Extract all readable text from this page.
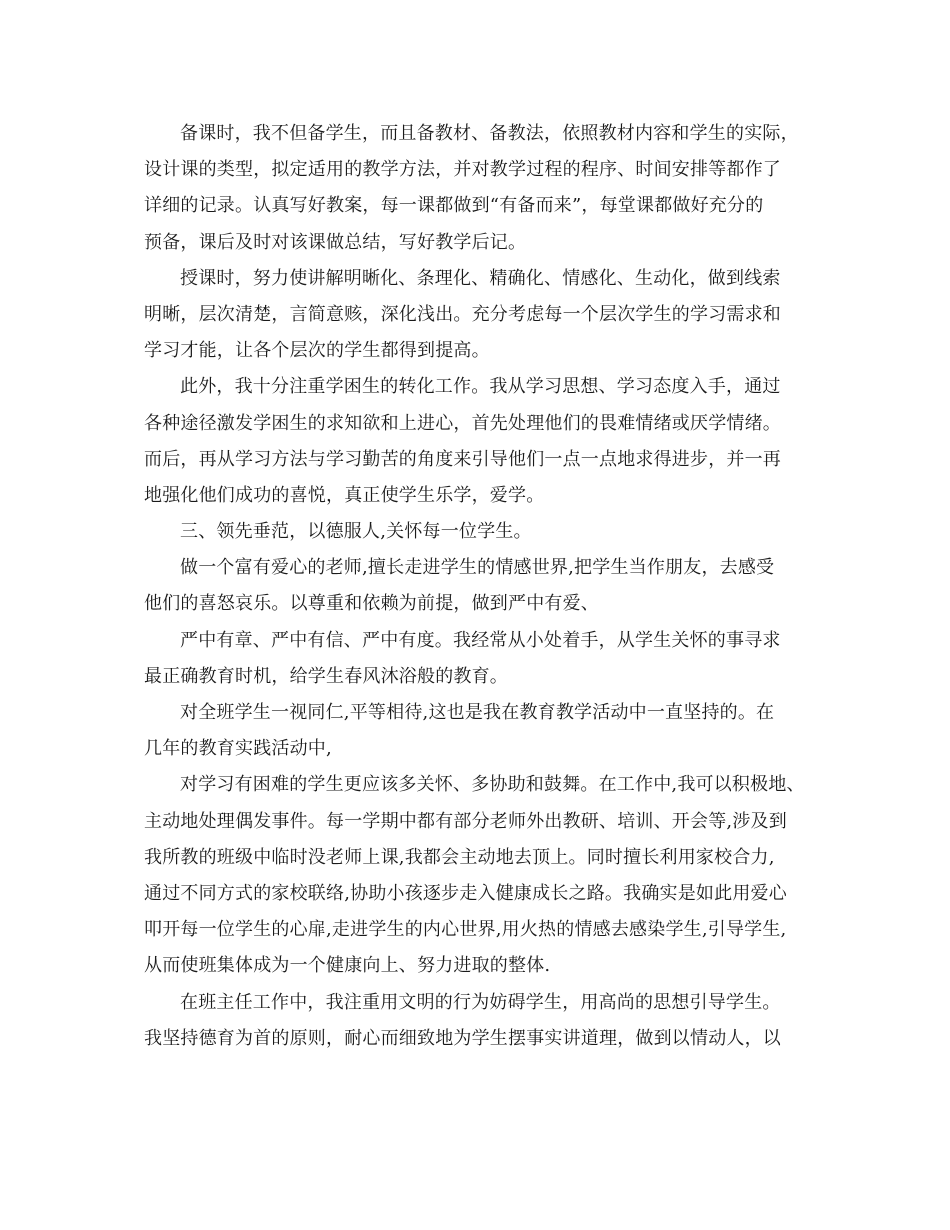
备课时，我不但备学生，而且备教材、备教法，依照教材内容和学生的实际，
设计课的类型，拟定适用的教学方法，并对教学过程的程序、时间安排等都作了
详细的记录。认真写好教案，每一课都做到“有备而来”，每堂课都做好充分的
预备，课后及时对该课做总结，写好教学后记。
授课时，努力使讲解明晰化、条理化、精确化、情感化、生动化，做到线索
明晰，层次清楚，言简意赅，深化浅出。充分考虑每一个层次学生的学习需求和
学习才能，让各个层次的学生都得到提高。
此外，我十分注重学困生的转化工作。我从学习思想、学习态度入手，通过
各种途径激发学困生的求知欲和上进心，首先处理他们的畏难情绪或厌学情绪。
而后，再从学习方法与学习勤苦的角度来引导他们一点一点地求得进步，并一再
地强化他们成功的喜悦，真正使学生乐学，爱学。
三、领先垂范，以德服人,关怀每一位学生。
做一个富有爱心的老师,擅长走进学生的情感世界,把学生当作朋友，去感受
他们的喜怒哀乐。以尊重和依赖为前提，做到严中有爱、
严中有章、严中有信、严中有度。我经常从小处着手，从学生关怀的事寻求
最正确教育时机，给学生春风沐浴般的教育。
对全班学生一视同仁,平等相待,这也是我在教育教学活动中一直坚持的。在
几年的教育实践活动中,
对学习有困难的学生更应该多关怀、多协助和鼓舞。在工作中,我可以积极地、
主动地处理偶发事件。每一学期中都有部分老师外出教研、培训、开会等,涉及到
我所教的班级中临时没老师上课,我都会主动地去顶上。同时擅长利用家校合力,
通过不同方式的家校联络,协助小孩逐步走入健康成长之路。我确实是如此用爱心
叩开每一位学生的心扉,走进学生的内心世界,用火热的情感去感染学生,引导学生,
从而使班集体成为一个健康向上、努力进取的整体.
在班主任工作中，我注重用文明的行为妨碍学生，用高尚的思想引导学生。
我坚持德育为首的原则，耐心而细致地为学生摆事实讲道理，做到以情动人，以
